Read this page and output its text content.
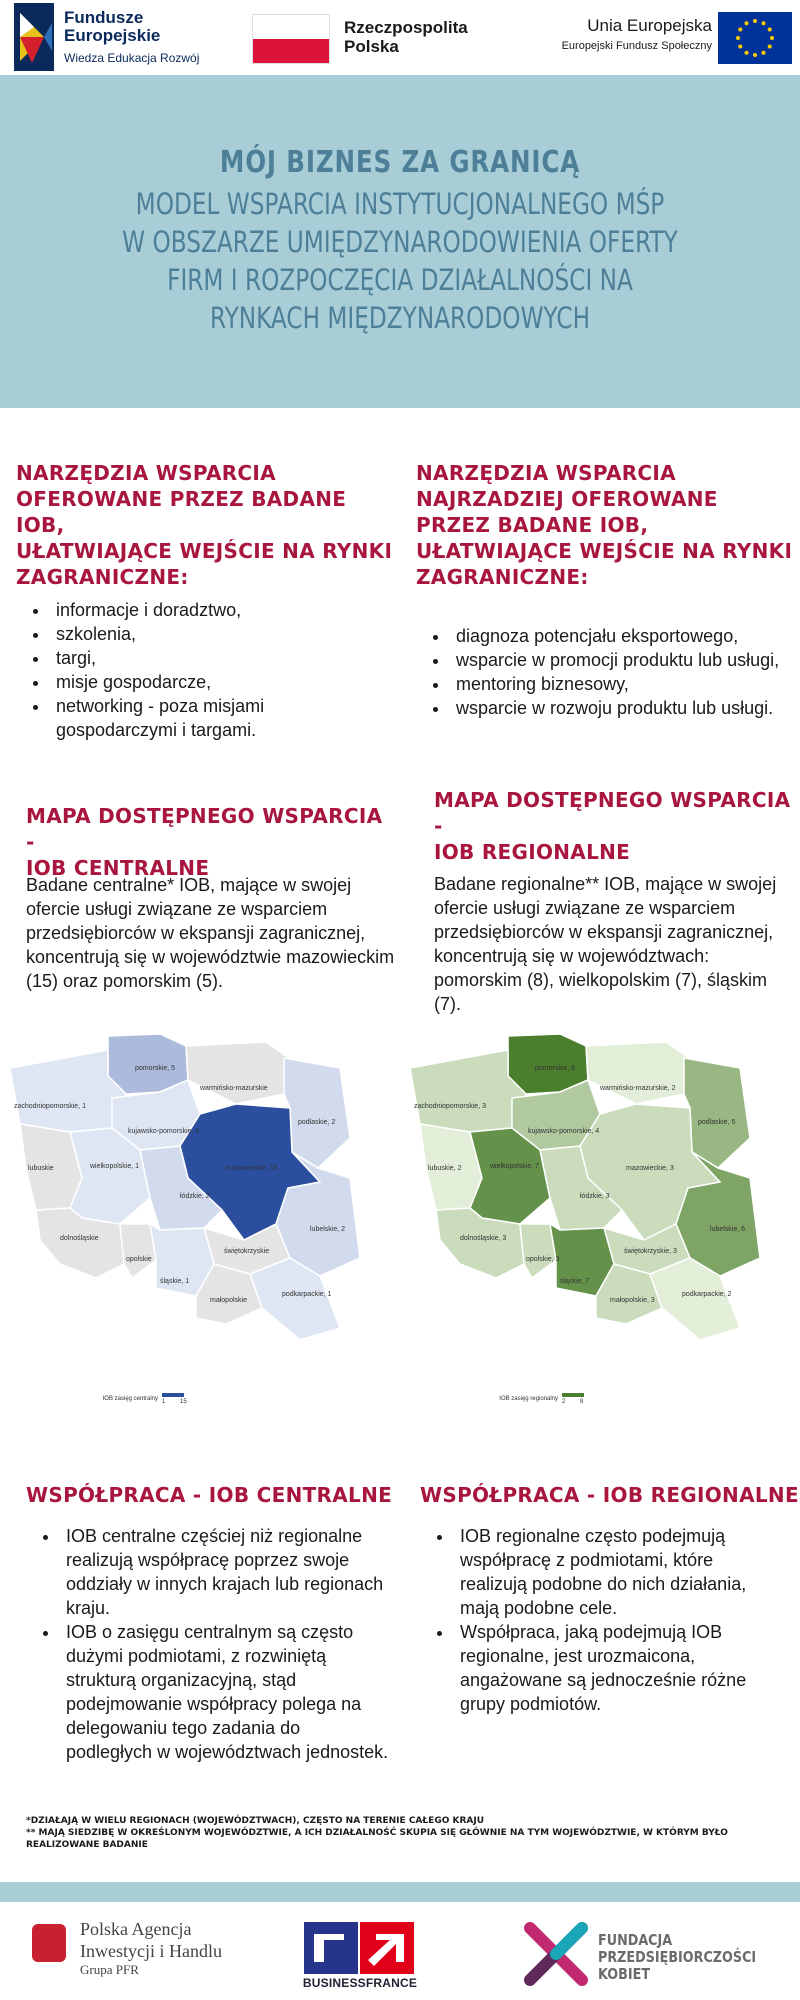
Fundusze
Europejskie
Wiedza Edukacja Rozwój
Rzeczpospolita
Polska
Unia Europejska
Europejski Fundusz Społeczny
MÓJ BIZNES ZA GRANICĄ
MODEL WSPARCIA INSTYTUCJONALNEGO MŚP
W OBSZARZE UMIĘDZYNARODOWIENIA OFERTY
FIRM I ROZPOCZĘCIA DZIAŁALNOŚCI NA
RYNKACH MIĘDZYNARODOWYCH
NARZĘDZIA WSPARCIA
OFEROWANE PRZEZ BADANE IOB,
UŁATWIAJĄCE WEJŚCIE NA RYNKI
ZAGRANICZNE:
• informacje i doradztwo,
• szkolenia,
• targi,
• misje gospodarcze,
• networking - poza misjami gospodarczymi i targami.
NARZĘDZIA WSPARCIA
NAJRZADZIEJ OFEROWANE
PRZEZ BADANE IOB,
UŁATWIAJĄCE WEJŚCIE NA RYNKI
ZAGRANICZNE:
• diagnoza potencjału eksportowego,
• wsparcie w promocji produktu lub usługi,
• mentoring biznesowy,
• wsparcie w rozwoju produktu lub usługi.
MAPA DOSTĘPNEGO WSPARCIA -
IOB CENTRALNE
Badane centralne* IOB, mające w swojej ofercie usługi związane ze wsparciem przedsiębiorców w ekspansji zagranicznej, koncentrują się w województwie mazowieckim (15) oraz pomorskim (5).
MAPA DOSTĘPNEGO WSPARCIA -
IOB REGIONALNE
Badane regionalne** IOB, mające w swojej ofercie usługi związane ze wsparciem przedsiębiorców w ekspansji zagranicznej, koncentrują się w województwach: pomorskim (8), wielkopolskim (7), śląskim (7).
pomorskie, 5
warmińsko-mazurskie
zachodniopomorskie, 1
podlaskie, 2
kujawsko-pomorskie, 1
lubuskie	wielkopolskie, 1	mazowieckie, 15
łódzkie, 2
lubelskie, 2
dolnośląskie
opolskie
świętokrzyskie
śląskie, 1
małopolskie
podkarpackie, 1
IOB zasięg centralny 1 15
pomorskie, 8
warmińsko-mazurskie, 2
zachodniopomorskie, 3
podlaskie, 5
kujawsko-pomorskie, 4
lubuskie, 2	wielkopolskie, 7	mazowieckie, 3
łódzkie, 3
lubelskie, 6
dolnośląskie, 3
opolskie, 3
świętokrzyskie, 3
śląskie, 7
małopolskie, 3
podkarpackie, 2
IOB zasięg regionalny 2 8
WSPÓŁPRACA - IOB CENTRALNE
• IOB centralne częściej niż regionalne realizują współpracę poprzez swoje oddziały w innych krajach lub regionach kraju.
• IOB o zasięgu centralnym są często dużymi podmiotami, z rozwiniętą strukturą organizacyjną, stąd podejmowanie współpracy polega na delegowaniu tego zadania do podległych w województwach jednostek.
WSPÓŁPRACA - IOB REGIONALNE
• IOB regionalne często podejmują współpracę z podmiotami, które realizują podobne do nich działania, mają podobne cele.
• Współpraca, jaką podejmują IOB regionalne, jest urozmaicona, angażowane są jednocześnie różne grupy podmiotów.
*DZIAŁAJĄ W WIELU REGIONACH (WOJEWÓDZTWACH), CZĘSTO NA TERENIE CAŁEGO KRAJU
** MAJĄ SIEDZIBĘ W OKREŚLONYM WOJEWÓDZTWIE, A ICH DZIAŁALNOŚĆ SKUPIA SIĘ GŁÓWNIE NA TYM WOJEWÓDZTWIE, W KTÓRYM BYŁO REALIZOWANE BADANIE
Polska Agencja
Inwestycji i Handlu
Grupa PFR
BUSINESSFRANCE
FUNDACJA
PRZEDSIĘBIORCZOŚCI
KOBIET
